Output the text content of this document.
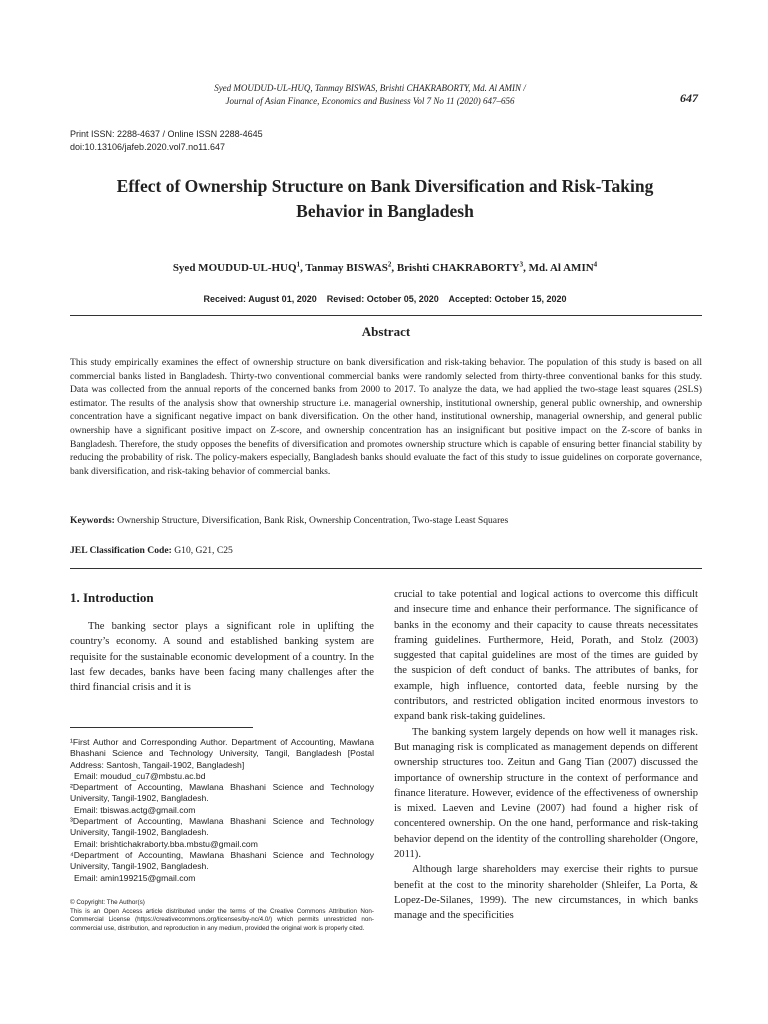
Syed MOUDUD-UL-HUQ, Tanmay BISWAS, Brishti CHAKRABORTY, Md. Al AMIN /
Journal of Asian Finance, Economics and Business Vol 7 No 11 (2020) 647–656	647
Print ISSN: 2288-4637 / Online ISSN 2288-4645
doi:10.13106/jafeb.2020.vol7.no11.647
Effect of Ownership Structure on Bank Diversification and Risk-Taking
Behavior in Bangladesh
Syed MOUDUD-UL-HUQ$^1$, Tanmay BISWAS$^2$, Brishti CHAKRABORTY$^3$, Md. Al AMIN$^4$
Received: August 01, 2020    Revised: October 05, 2020    Accepted: October 15, 2020
Abstract
This study empirically examines the effect of ownership structure on bank diversification and risk-taking behavior. The population of this study is based on all commercial banks listed in Bangladesh. Thirty-two conventional commercial banks were randomly selected from thirty-three conventional banks for this study. Data was collected from the annual reports of the concerned banks from 2000 to 2017. To analyze the data, we had applied the two-stage least squares (2SLS) estimator. The results of the analysis show that ownership structure i.e. managerial ownership, institutional ownership, general public ownership, and ownership concentration have a significant negative impact on bank diversification. On the other hand, institutional ownership, managerial ownership, and general public ownership have a significant positive impact on Z-score, and ownership concentration has an insignificant but positive impact on the Z-score of banks in Bangladesh. Therefore, the study opposes the benefits of diversification and promotes ownership structure which is capable of ensuring better financial stability by reducing the probability of risk. The policy-makers especially, Bangladesh banks should evaluate the fact of this study to issue guidelines on corporate governance, bank diversification, and risk-taking behavior of commercial banks.
Keywords: Ownership Structure, Diversification, Bank Risk, Ownership Concentration, Two-stage Least Squares
JEL Classification Code: G10, G21, C25
1. Introduction

The banking sector plays a significant role in uplifting the country’s economy. A sound and established banking system are requisite for the sustainable economic development of a country. In the last few decades, banks have been facing many challenges after the third financial crisis and it is

crucial to take potential and logical actions to overcome this difficult and insecure time and enhance their performance. The significance of banks in the economy and their capacity to cause threats necessitates framing guidelines. Furthermore, Heid, Porath, and Stolz (2003) suggested that capital guidelines are most of the times are guided by the suspicion of deft conduct of banks. The attributes of banks, for example, high influence, contorted data, feeble nursing by the contributors, and restricted obligation incited enormous investors to expand bank risk-taking guidelines.

The banking system largely depends on how well it manages risk. But managing risk is complicated as management depends on different ownership structures too. Zeitun and Gang Tian (2007) discussed the importance of ownership structure in the context of performance and finance literature. However, evidence of the effectiveness of ownership is mixed. Laeven and Levine (2007) had found a higher risk of concentered ownership. On the one hand, performance and risk-taking behavior depend on the identity of the controlling shareholder (Ongore, 2011).

Although large shareholders may exercise their rights to pursue benefit at the cost to the minority shareholder (Shleifer, La Porta, & Lopez-De-Silanes, 1999). The new circumstances, in which banks manage and the specificities

¹First Author and Corresponding Author. Department of Accounting, Mawlana Bhashani Science and Technology University, Tangil, Bangladesh [Postal Address: Santosh, Tangail-1902, Bangladesh]
Email: moudud_cu7@mbstu.ac.bd
²Department of Accounting, Mawlana Bhashani Science and Technology University, Tangil-1902, Bangladesh.
Email: tbiswas.actg@gmail.com
³Department of Accounting, Mawlana Bhashani Science and Technology University, Tangil-1902, Bangladesh.
Email: brishtichakraborty.bba.mbstu@gmail.com
⁴Department of Accounting, Mawlana Bhashani Science and Technology University, Tangil-1902, Bangladesh.
Email: amin199215@gmail.com
© Copyright: The Author(s)
This is an Open Access article distributed under the terms of the Creative Commons Attribution Non-Commercial License (https://creativecommons.org/licenses/by-nc/4.0/) which permits unrestricted non-commercial use, distribution, and reproduction in any medium, provided the original work is properly cited.
